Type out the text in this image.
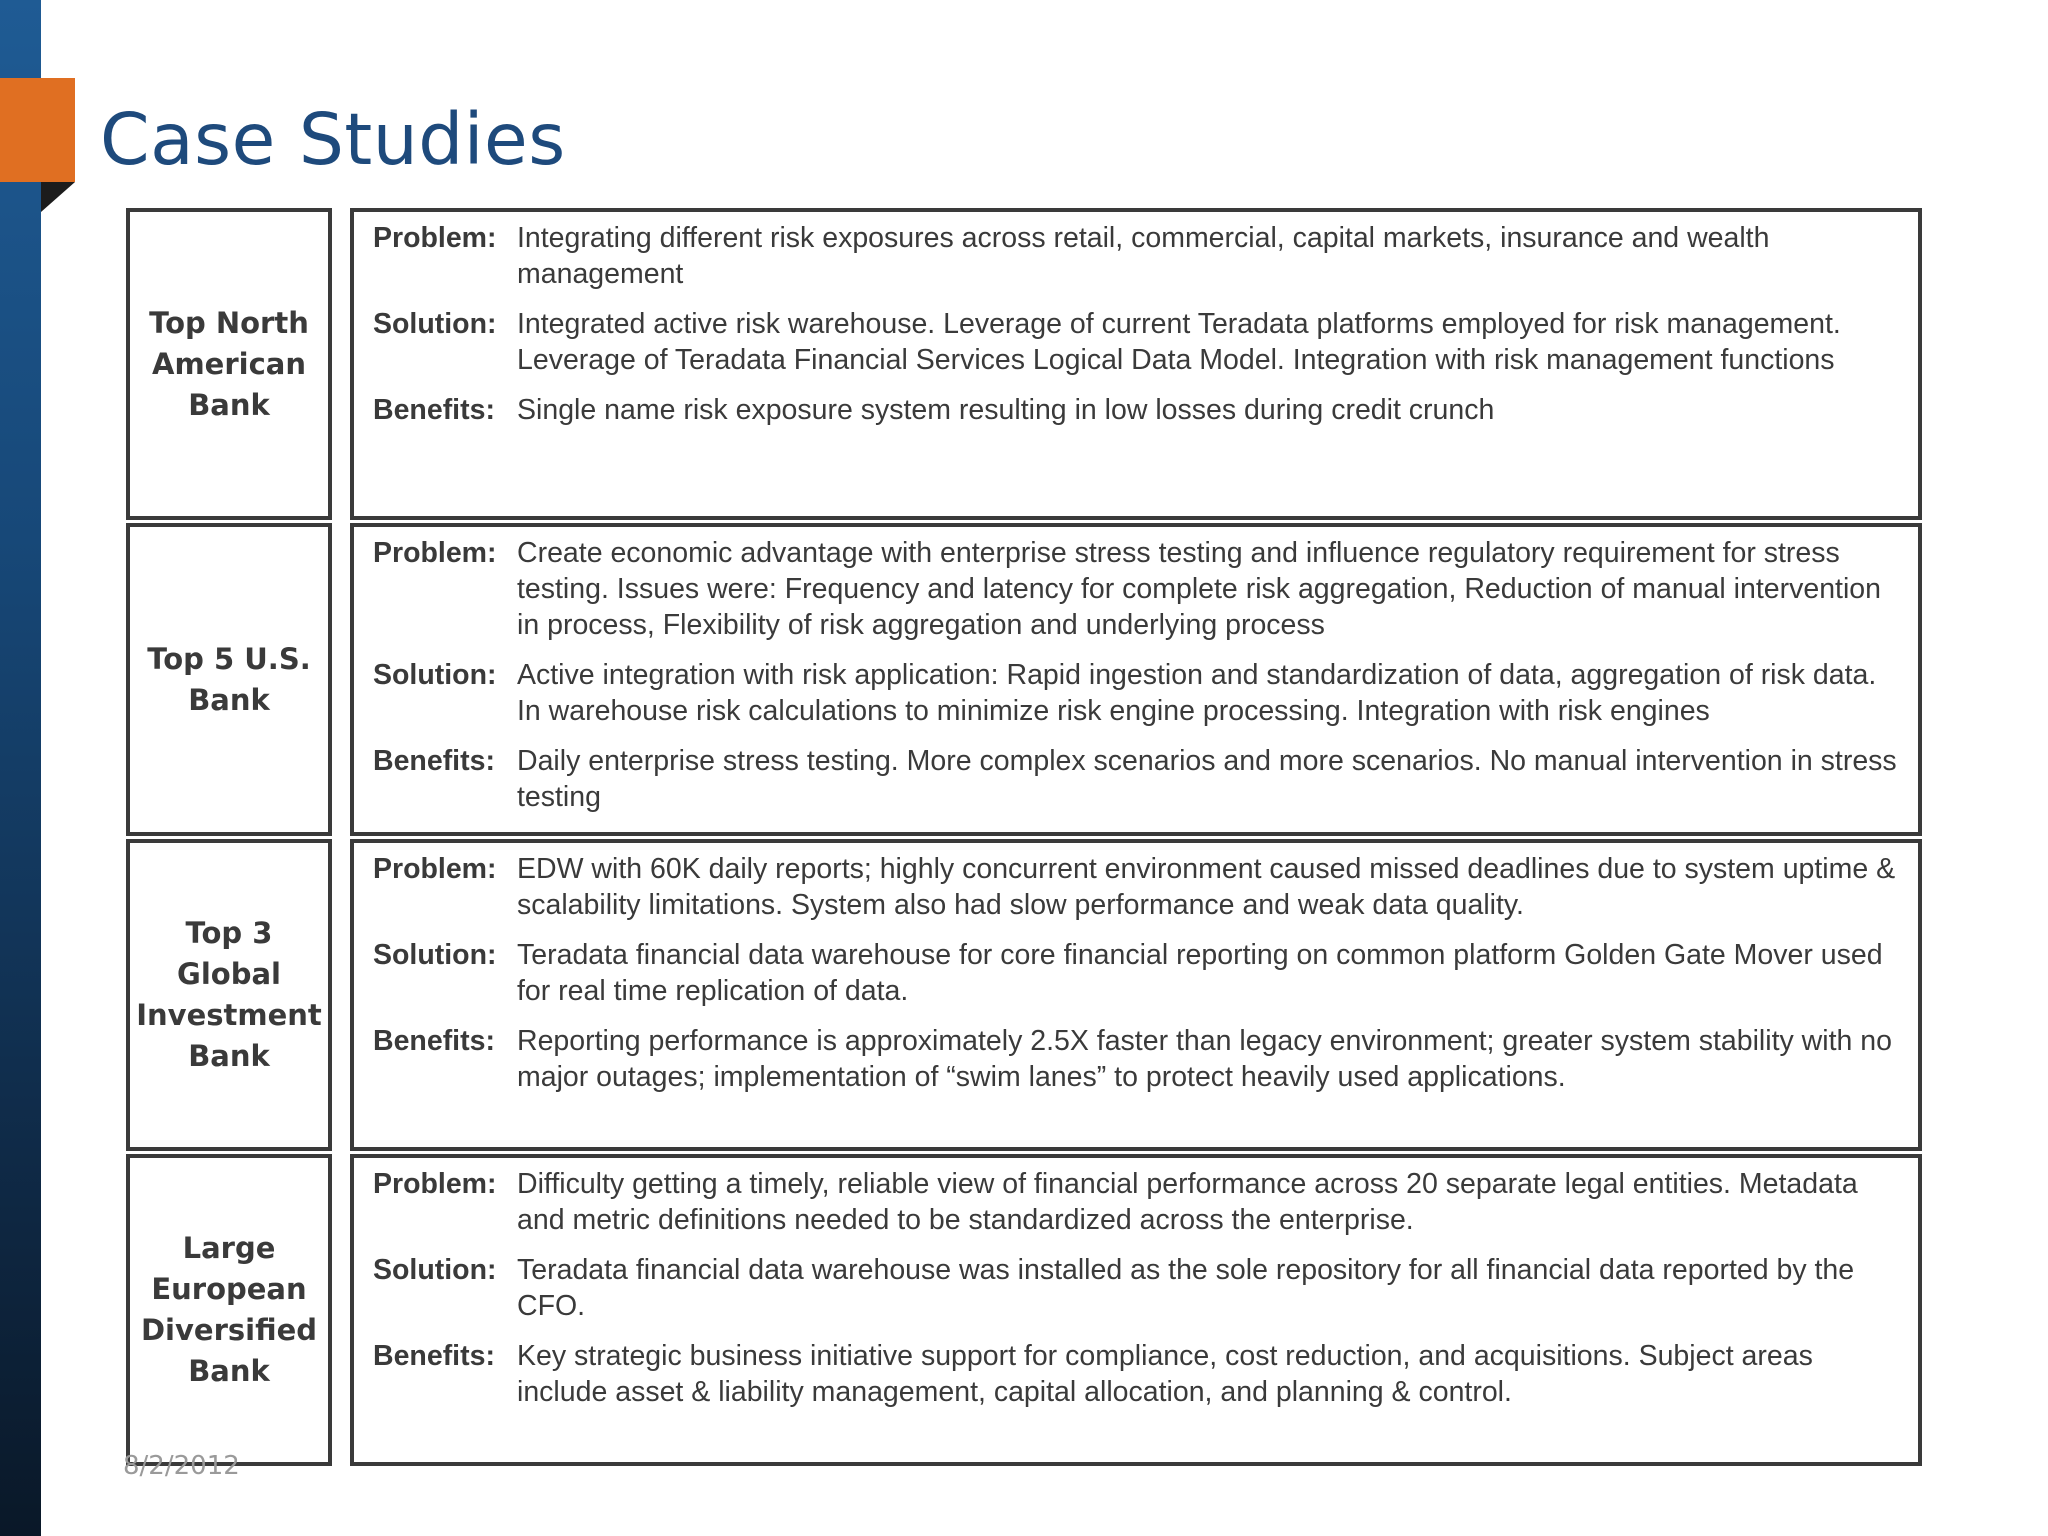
Case Studies
Top North American Bank
Problem: Integrating different risk exposures across retail, commercial, capital markets, insurance and wealth management
Solution: Integrated active risk warehouse. Leverage of current Teradata platforms employed for risk management. Leverage of Teradata Financial Services Logical Data Model. Integration with risk management functions
Benefits: Single name risk exposure system resulting in low losses during credit crunch
Top 5 U.S. Bank
Problem: Create economic advantage with enterprise stress testing and influence regulatory requirement for stress testing. Issues were: Frequency and latency for complete risk aggregation, Reduction of manual intervention in process, Flexibility of risk aggregation and underlying process
Solution: Active integration with risk application: Rapid ingestion and standardization of data, aggregation of risk data. In warehouse risk calculations to minimize risk engine processing. Integration with risk engines
Benefits: Daily enterprise stress testing. More complex scenarios and more scenarios. No manual intervention in stress testing
Top 3 Global Investment Bank
Problem: EDW with 60K daily reports; highly concurrent environment caused missed deadlines due to system uptime & scalability limitations. System also had slow performance and weak data quality.
Solution: Teradata financial data warehouse for core financial reporting on common platform Golden Gate Mover used for real time replication of data.
Benefits: Reporting performance is approximately 2.5X faster than legacy environment; greater system stability with no major outages; implementation of “swim lanes” to protect heavily used applications.
Large European Diversified Bank
Problem: Difficulty getting a timely, reliable view of financial performance across 20 separate legal entities. Metadata and metric definitions needed to be standardized across the enterprise.
Solution: Teradata financial data warehouse was installed as the sole repository for all financial data reported by the CFO.
Benefits: Key strategic business initiative support for compliance, cost reduction, and acquisitions. Subject areas include asset & liability management, capital allocation, and planning & control.
8/2/2012
